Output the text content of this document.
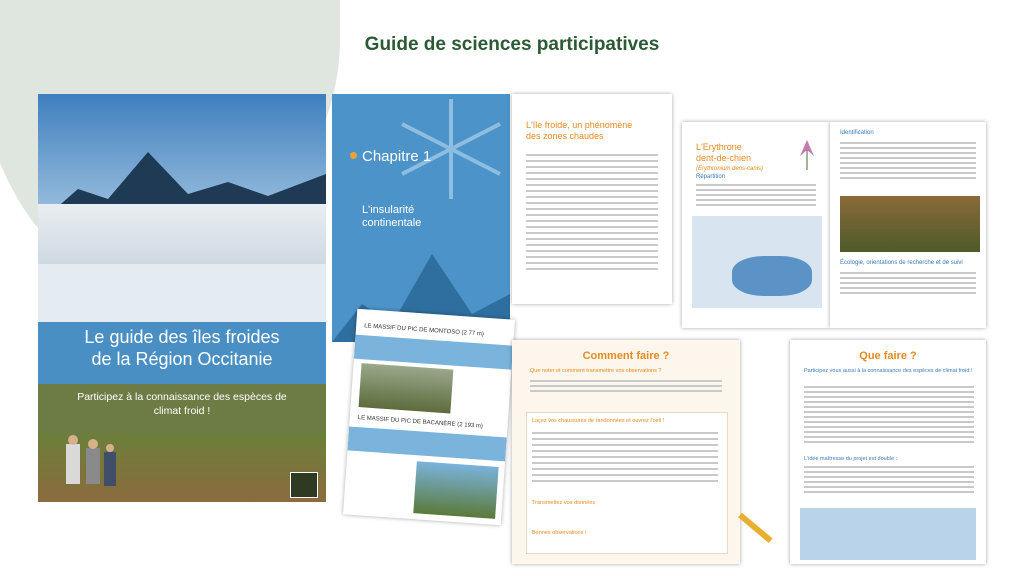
Guide de sciences participatives
Le guide des îles froides
de la Région Occitanie
Participez à la connaissance des espèces de
climat froid !
Chapitre 1
L'insularité
continentale
L'île froide, un phénomène
des zones chaudes
L'Erythrone
dent-de-chien
(Erythronium dens-canis)
Répartition
Identification
Écologie, orientations de recherche et de suivi
LE MASSIF DU PIC DE MONTOSO (2 77 m)
LE MASSIF DU PIC DE BACANÈRE (2 193 m)
Comment faire ?
Que noter et comment transmettre vos observations ?
Laçez vos chaussures de randonnées et ouvrez l'oeil !
Transmettez vos données
Bonnes observations !
Que faire ?
Participez vous aussi à la connaissance des espèces de climat froid !
L'idée maîtresse du projet est double :
